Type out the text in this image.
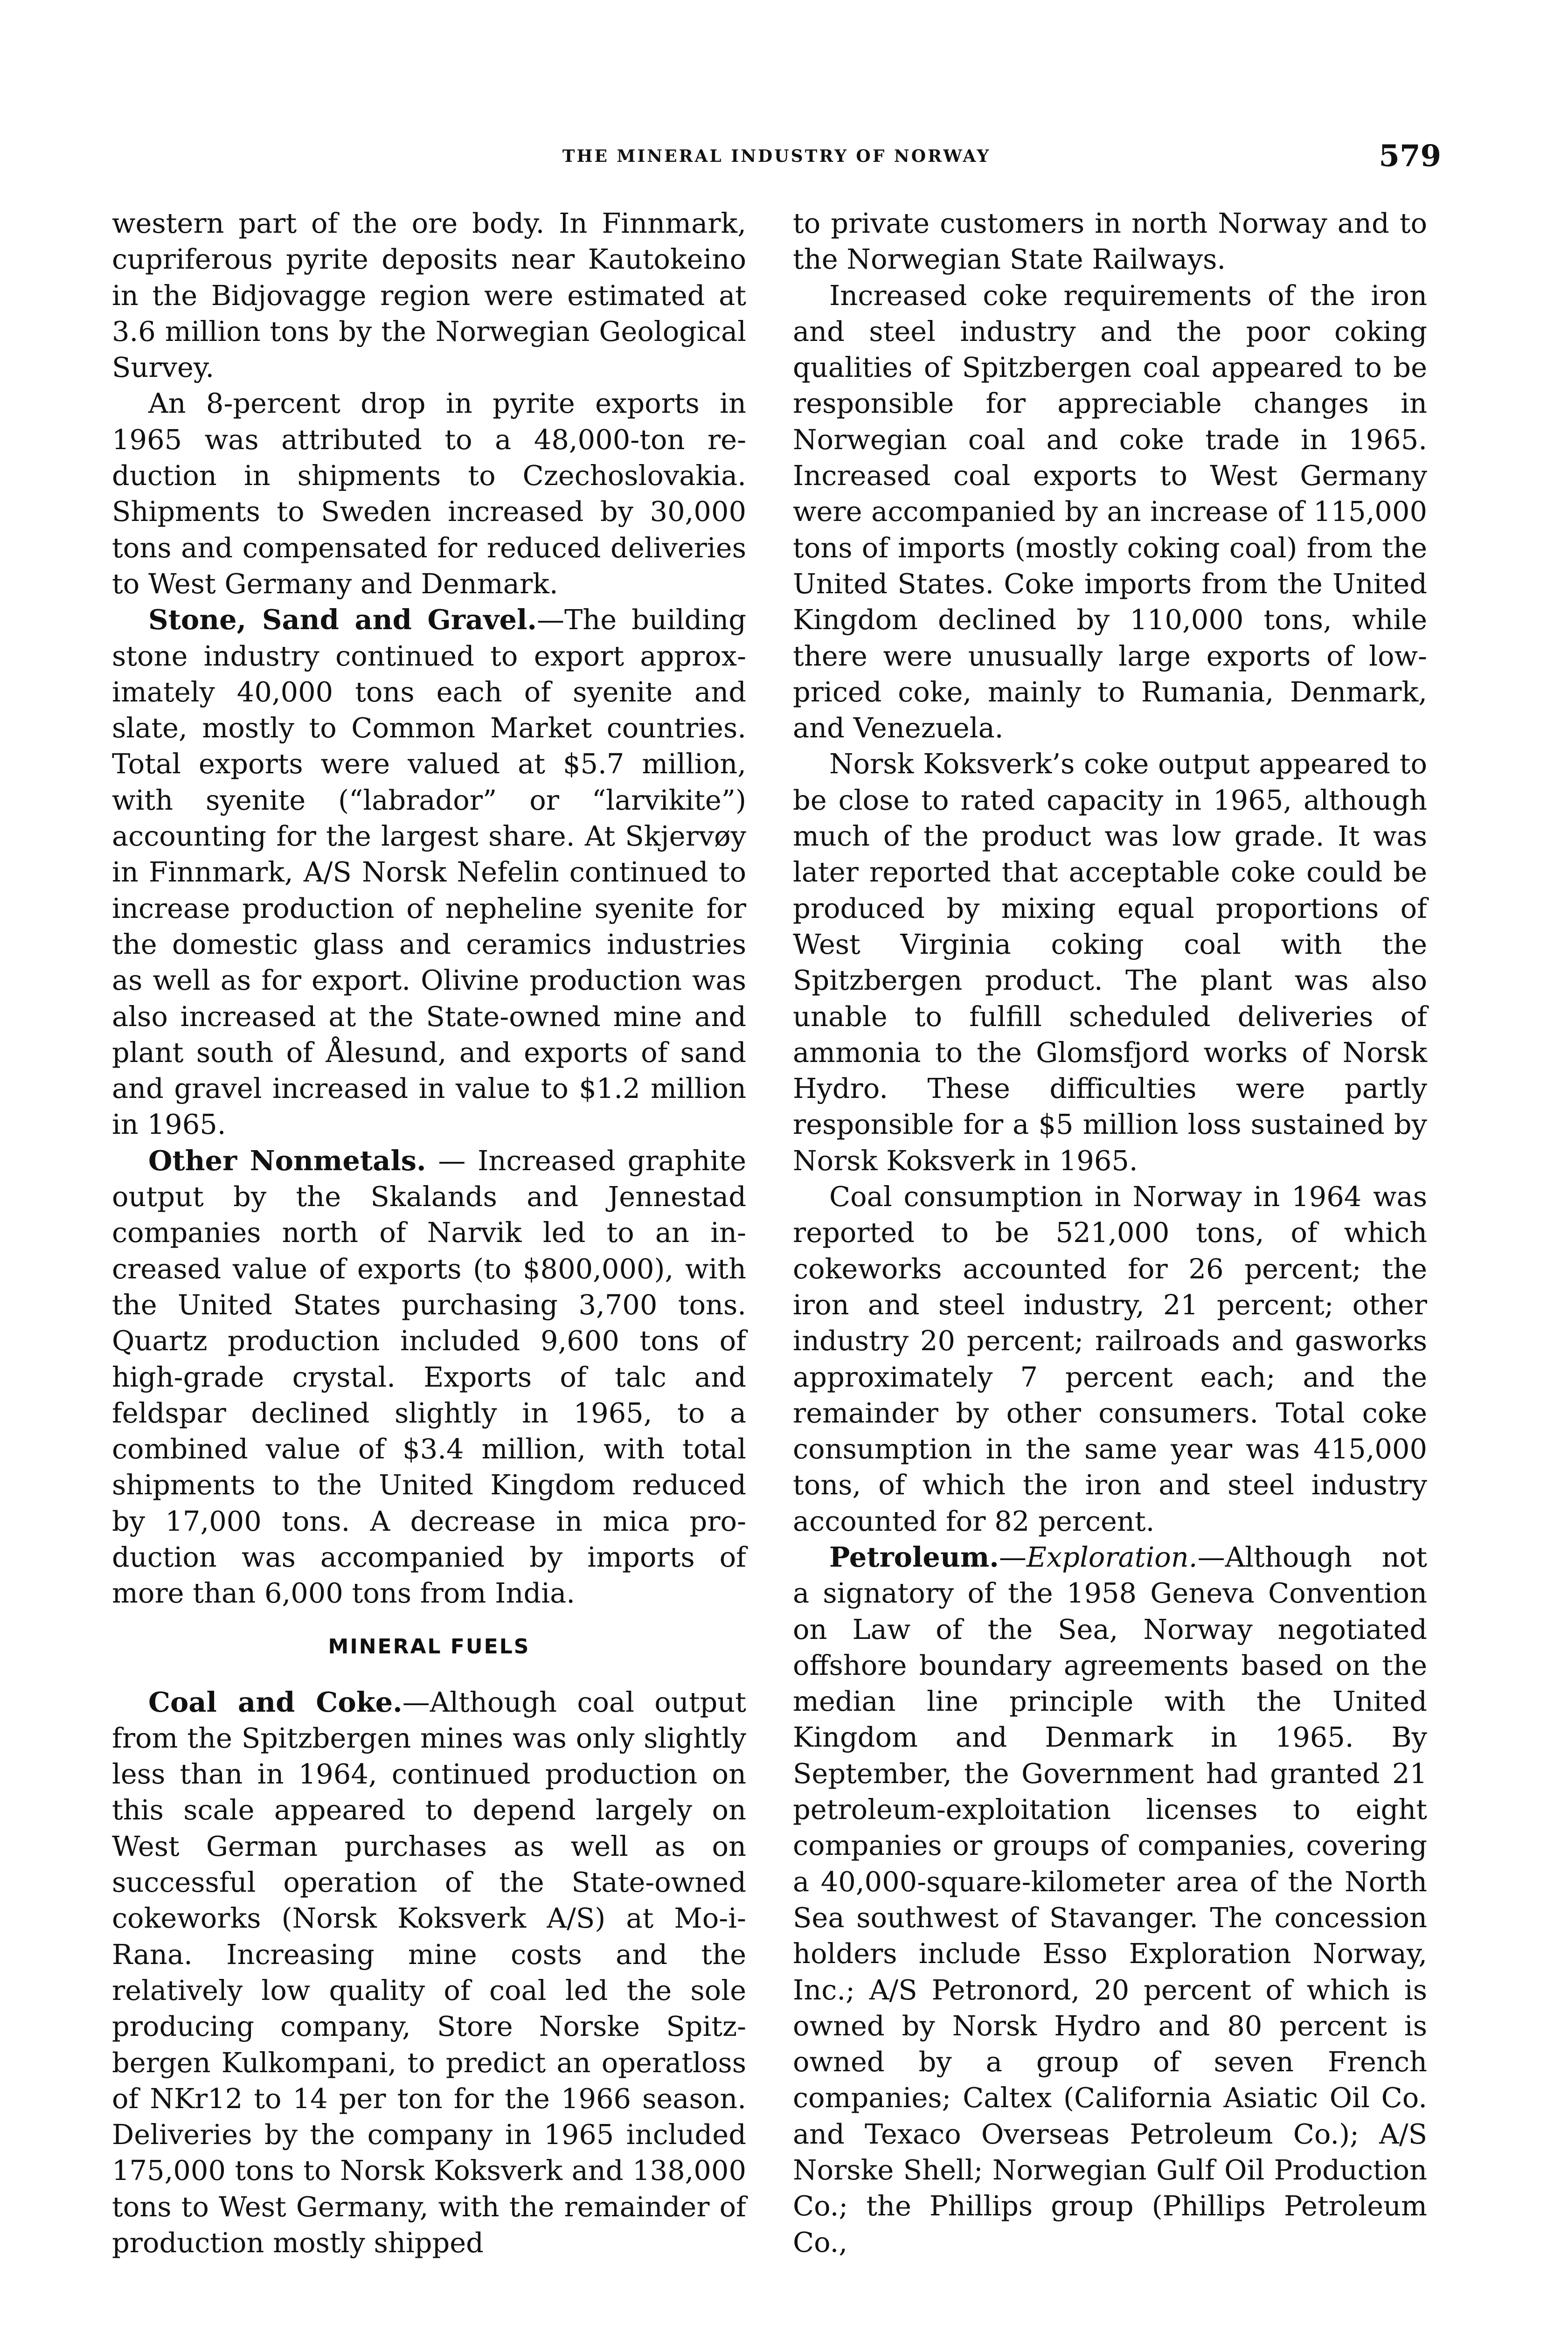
THE MINERAL INDUSTRY OF NORWAY	579

western part of the ore body. In Finnmark, cupriferous pyrite deposits near Kautokeino in the Bidjovagge region were estimated at 3.6 million tons by the Norwegian Geological Survey.

An 8-percent drop in pyrite exports in 1965 was attributed to a 48,000-ton reduction in shipments to Czechoslovakia. Shipments to Sweden increased by 30,000 tons and compensated for reduced deliveries to West Germany and Denmark.

Stone, Sand and Gravel.—The building stone industry continued to export approximately 40,000 tons each of syenite and slate, mostly to Common Market countries. Total exports were valued at $5.7 million, with syenite (“labrador” or “larvikite”) accounting for the largest share. At Skjervøy in Finnmark, A/S Norsk Nefelin continued to increase production of nepheline syenite for the domestic glass and ceramics industries as well as for export. Olivine production was also increased at the State-owned mine and plant south of Ålesund, and exports of sand and gravel increased in value to $1.2 million in 1965.

Other Nonmetals. — Increased graphite output by the Skalands and Jennestad companies north of Narvik led to an increased value of exports (to $800,000), with the United States purchasing 3,700 tons. Quartz production included 9,600 tons of high-grade crystal. Exports of talc and feldspar declined slightly in 1965, to a combined value of $3.4 million, with total shipments to the United Kingdom reduced by 17,000 tons. A decrease in mica production was accompanied by imports of more than 6,000 tons from India.

MINERAL FUELS

Coal and Coke.—Although coal output from the Spitzbergen mines was only slightly less than in 1964, continued production on this scale appeared to depend largely on West German purchases as well as on successful operation of the State-owned cokeworks (Norsk Koksverk A/S) at Mo-i-Rana. Increasing mine costs and the relatively low quality of coal led the sole producing company, Store Norske Spitzbergen Kulkompani, to predict an operatloss of NKr12 to 14 per ton for the 1966 season. Deliveries by the company in 1965 included 175,000 tons to Norsk Koksverk and 138,000 tons to West Germany, with the remainder of production mostly shipped

to private customers in north Norway and to the Norwegian State Railways.

Increased coke requirements of the iron and steel industry and the poor coking qualities of Spitzbergen coal appeared to be responsible for appreciable changes in Norwegian coal and coke trade in 1965. Increased coal exports to West Germany were accompanied by an increase of 115,000 tons of imports (mostly coking coal) from the United States. Coke imports from the United Kingdom declined by 110,000 tons, while there were unusually large exports of low-priced coke, mainly to Rumania, Denmark, and Venezuela.

Norsk Koksverk’s coke output appeared to be close to rated capacity in 1965, although much of the product was low grade. It was later reported that acceptable coke could be produced by mixing equal proportions of West Virginia coking coal with the Spitzbergen product. The plant was also unable to fulfill scheduled deliveries of ammonia to the Glomsfjord works of Norsk Hydro. These difficulties were partly responsible for a $5 million loss sustained by Norsk Koksverk in 1965.

Coal consumption in Norway in 1964 was reported to be 521,000 tons, of which cokeworks accounted for 26 percent; the iron and steel industry, 21 percent; other industry 20 percent; railroads and gasworks approximately 7 percent each; and the remainder by other consumers. Total coke consumption in the same year was 415,000 tons, of which the iron and steel industry accounted for 82 percent.

Petroleum.—Exploration.—Although not a signatory of the 1958 Geneva Convention on Law of the Sea, Norway negotiated offshore boundary agreements based on the median line principle with the United Kingdom and Denmark in 1965. By September, the Government had granted 21 petroleum-exploitation licenses to eight companies or groups of companies, covering a 40,000-square-kilometer area of the North Sea southwest of Stavanger. The concession holders include Esso Exploration Norway, Inc.; A/S Petronord, 20 percent of which is owned by Norsk Hydro and 80 percent is owned by a group of seven French companies; Caltex (California Asiatic Oil Co. and Texaco Overseas Petroleum Co.); A/S Norske Shell; Norwegian Gulf Oil Production Co.; the Phillips group (Phillips Petroleum Co.,
